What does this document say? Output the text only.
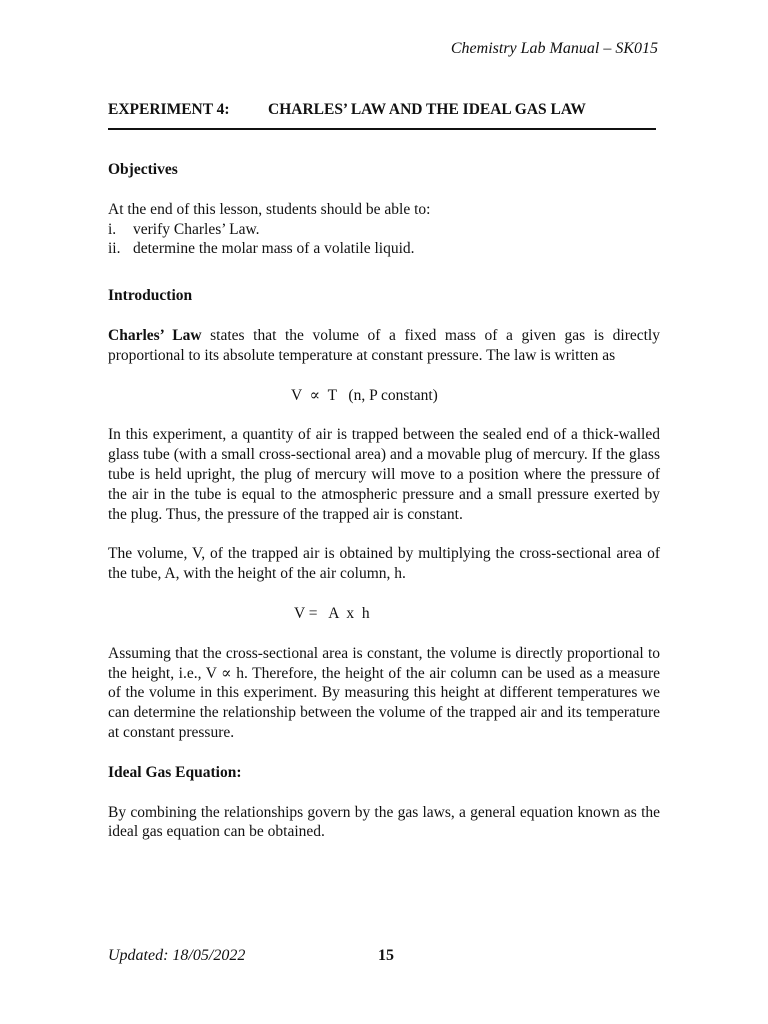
Chemistry Lab Manual – SK015
EXPERIMENT 4: CHARLES’ LAW AND THE IDEAL GAS LAW
Objectives

At the end of this lesson, students should be able to:

i.	verify Charles’ Law.
ii. determine the molar mass of a volatile liquid.
Introduction

Charles’ Law states that the volume of a fixed mass of a given gas is directly proportional to its absolute temperature at constant pressure. The law is written as

V  ∝  T   (n, P constant)

In this experiment, a quantity of air is trapped between the sealed end of a thick-walled glass tube (with a small cross-sectional area) and a movable plug of mercury. If the glass tube is held upright, the plug of mercury will move to a position where the pressure of the air in the tube is equal to the atmospheric pressure and a small pressure exerted by the plug. Thus, the pressure of the trapped air is constant.

The volume, V, of the trapped air is obtained by multiplying the cross-sectional area of the tube, A, with the height of the air column, h.

V =   A  x  h

Assuming that the cross-sectional area is constant, the volume is directly proportional to the height, i.e., V ∝ h. Therefore, the height of the air column can be used as a measure of the volume in this experiment. By measuring this height at different temperatures we can determine the relationship between the volume of the trapped air and its temperature at constant pressure.

Ideal Gas Equation:

By combining the relationships govern by the gas laws, a general equation known as the ideal gas equation can be obtained.

Updated: 18/05/2022	15
